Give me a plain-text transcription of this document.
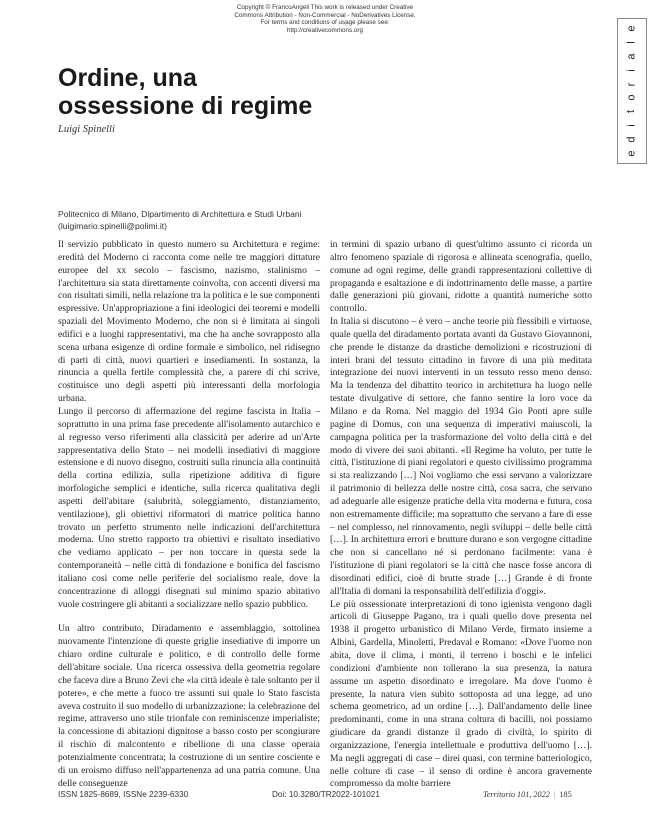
Copyright © FrancoAngeli This work is released under Creative
Commons Attribution - Non-Commercial - NoDerivatives License.
For terms and conditions of usage please see:
http://creativecommons.org	e
l
a
i
r
o
t
i
d
e
Ordine, una
ossessione di regime
Luigi Spinelli
Politecnico di Milano, Dipartimento di Architettura e Studi Urbani
(luigimario.spinelli@polimi.it)

Il servizio pubblicato in questo numero su Architettura e regime: eredità del Moderno ci racconta come nelle tre maggiori dittature europee del xx secolo – fascismo, nazismo, stalinismo – l'architettura sia stata direttamente coinvolta, con accenti diversi ma con risultati simili, nella relazione tra la politica e le sue componenti espressive. Un'appropriazione a fini ideologici dei teoremi e modelli spaziali del Movimento Moderno, che non si è limitata ai singoli edifici e a luoghi rappresentativi, ma che ha anche sovrapposto alla scena urbana esigenze di ordine formale e simbolico, nel ridisegno di parti di città, nuovi quartieri e insediamenti. In sostanza, la rinuncia a quella fertile complessità che, a parere di chi scrive, costituisce uno degli aspetti più interessanti della morfologia urbana.

Lungo il percorso di affermazione del regime fascista in Italia – soprattutto in una prima fase precedente all'isolamento autarchico e al regresso verso riferimenti alla classicità per aderire ad un'Arte rappresentativa dello Stato – nei modelli insediativi di maggiore estensione e di nuovo disegno, costruiti sulla rinuncia alla continuità della cortina edilizia, sulla ripetizione additiva di figure morfologiche semplici e identiche, sulla ricerca qualitativa degli aspetti dell'abitare (salubrità, soleggiamento, distanziamento, ventilazione), gli obiettivi riformatori di matrice politica hanno trovato un perfetto strumento nelle indicazioni dell'architettura moderna. Uno stretto rapporto tra obiettivi e risultato insediativo che vediamo applicato – per non toccare in questa sede la contemporaneità – nelle città di fondazione e bonifica del fascismo italiano così come nelle periferie del socialismo reale, dove la concentrazione di alloggi disegnati sul minimo spazio abitativo vuole costringere gli abitanti a socializzare nello spazio pubblico.

Un altro contributo, Diradamento e assemblaggio, sottolinea nuovamente l'intenzione di queste griglie insediative di imporre un chiaro ordine culturale e politico, e di controllo delle forme dell'abitare sociale. Una ricerca ossessiva della geometria regolare che faceva dire a Bruno Zevi che «la città ideale è tale soltanto per il potere», e che mette a fuoco tre assunti sui quale lo Stato fascista aveva costruito il suo modello di urbanizzazione: la celebrazione del regime, attraverso uno stile trionfale con reminiscenze imperialiste; la concessione di abitazioni dignitose a basso costo per scongiurare il rischio di malcontento e ribellione di una classe operaia potenzialmente concentrata; la costruzione di un sentire cosciente e di un eroismo diffuso nell'appartenenza ad una patria comune. Una delle conseguenze

in termini di spazio urbano di quest'ultimo assunto ci ricorda un altro fenomeno spaziale di rigorosa e allineata scenografia, quello, comune ad ogni regime, delle grandi rappresentazioni collettive di propaganda e esaltazione e di indottrinamento delle masse, a partire dalle generazioni più giovani, ridotte a quantità numeriche sotto controllo.

In Italia si discutono – è vero – anche teorie più flessibili e virtuose, quale quella del diradamento portata avanti da Gustavo Giovannoni, che prende le distanze da drastiche demolizioni e ricostruzioni di interi brani del tessuto cittadino in favore di una più meditata integrazione dei nuovi interventi in un tessuto resso meno denso. Ma la tendenza del dibattito teorico in architettura ha luogo nelle testate divulgative di settore, che fanno sentire la loro voce da Milano e da Roma. Nel maggio del 1934 Gio Ponti apre sulle pagine di Domus, con una sequenza di imperativi maiuscoli, la campagna politica per la trasformazione del volto della città e del modo di vivere dei suoi abitanti. «Il Regime ha voluto, per tutte le città, l'istituzione di piani regolatori e questo civilissimo programma si sta realizzando […] Noi vogliamo che essi servano a valorizzare il patrimonio di bellezza delle nostre città, cosa sacra, che servano ad adeguarle alle esigenze pratiche della vita moderna e futura, cosa non estremamente difficile; ma soprattutto che servano a fare di esse – nel complesso, nel rinnovamento, negli sviluppi – delle belle città […]. In architettura errori e brutture durano e son vergogne cittadine che non si cancellano né si perdonano facilmente: vana è l'istituzione di piani regolatori se la città che nasce fosse ancora di disordinati edifici, cioè di brutte strade […] Grande è di fronte all'Italia di domani la responsabilità dell'edilizia d'oggi».

Le più ossessionate interpretazioni di tono igienista vengono dagli articoli di Giuseppe Pagano, tra i quali quello dove presenta nel 1938 il progetto urbanistico di Milano Verde, firmato insieme a Albini, Gardella, Minoletti, Predaval e Romano: «Dove l'uomo non abita, dove il clima, i monti, il terreno i boschi e le infelici condizioni d'ambiente non tollerano la sua presenza, la natura assume un aspetto disordinato e irregolare. Ma dove l'uomo è presente, la natura vien subito sottoposta ad una legge, ad uno schema geometrico, ad un ordine […]. Dall'andamento delle linee predominanti, come in una strana coltura di bacilli, noi possiamo giudicare da grandi distanze il grado di civiltà, lo spirito di organizzazione, l'energia intellettuale e produttiva dell'uomo […]. Ma negli aggregati di case – direi quasi, con termine batteriologico, nelle colture di case – il senso di ordine è ancora gravemente compromesso da molte barriere

ISSN 1825-8689, ISSNe 2239-6330	Doi: 10.3280/TR2022-101021	Territorio 101, 2022 | 185
